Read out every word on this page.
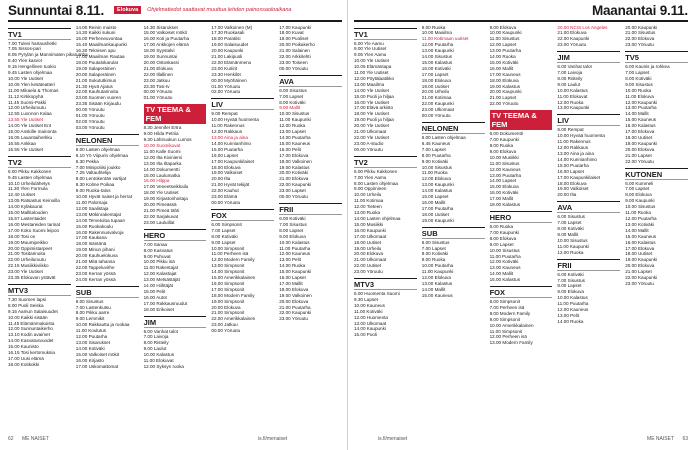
Sunnuntai 8.11.	Elokuva	Ohjelmatiedot saattavat muuttua lehden painossaoloaikana
TV1
7.00 Tulevi hartaushetki
7.05 Sissos-pari
8.05 Pyrylän ja Mannimaten pikarumba
8.40 Ylen kasvot
9.15 Hengellinen tuokio
9.45 Lasten ohjelmaa
10.00 Yle Uutiset
10.05 Ylen kesäteatteri
11.00 Mikaela & Thomas
11.12 Kirkkopyhä
11.45 Suomi-Pakki
12.00 Urheiluruutu
12.55 Luonnon Kalaa
13.55 Yle Uutiset
14.00 Yle Uutiset Ent
15.00 Anskille mainonta
16.05 Lauantaiherkku
16.55 Ankkaa
16.55 Yle Uutiset
TV2
6.00 Pikku Kakkonen
9.45 Lasten ohjelmaa
10.10 Urheilulähetys
11.30 Ylen Formula
12.40 Uutiset
13.05 Ratsastus Keinoilla
14.00 Kyläkaurat
15.00 Mallitalouden
15.57 Lastentaidet
16.00 Mestareiden tarinat
17.00 Koko Suomi leipoo
18.00 Tosi on
19.00 Muumipeikko
20.00 Oppimistarpeet
21.00 Tositarinoita
22.00 Urheiluruutu
22.15 Musiikkiviikko
23.00 Yle Uutiset
23.35 Elokuvan ystävät
MTV3
7.30 Suomen lapsi
8.00 Puoli Seiska
9.15 Aamun Salaisuudet
10.00 Kaikki sisään
11.45 Elämänmakuista
12.00 Sunnuntaikerho
13.10 Kodin avaimet
14.00 Kasvatusvuodet
15.00 Kaunisto
16.15 Tosi kertomuksia
17.00 Uusi elämä
18.00 Kotikokki
14.00 Reinin muisto
14.30 Kaikki sukuni
15.00 Perheneuvontaa
15.40 Maailmankaupunki
16.30 Teknisen apu
17.00 Maailman Rautaa
18.00 Puutalokarulat
19.00 Salaperäinen
20.00 Salaperäinen
21.00 Sukututkimus
21.30 Hyvä Ajatus
22.00 Kauhutarinoita
23.00 Suomen vuoren
23.35 Sisään Kirjaudu
00.00 Yöruutu
01.00 Yöruutu
02.00 Yöruutu
03.00 Yöruutu
NELONEN
6.00 Lasten ohjelmaa
6.10 Yö Viipurin ohjelmaa
6.30 Pekka
7.00 Minipoliisi joukko
7.25 Valtauhtelija
8.00 Lentokentän vartijat
8.30 Kolme Poikaa
9.00 Ruoka-talos
10.00 Hyvät naiset ja herrat
11.00 Palomaja
12.00 Saalistaja
13.00 Mökinrakentajat
14.00 Tervetuloa tupaan
15.00 Ruokakoulu
16.00 Rakennusvalvoja
17.00 Kaukana
18.00 Isäntänä
19.00 Minun pihani
20.00 Kauhuelokuva
21.00 Mitä tahansa
22.00 Tappeluvirhe
23.00 Kerran yössä
24.00 Kerran yössä
SUB
6.00 Sisustus
7.00 Lastenkutsu
8.00 Pikku aarre
9.00 Lemmikit
10.00 Rakkautta ja ruokaa
11.00 Koulutus
12.00 Puutarha
13.00 Sisarukset
14.00 Kotiväki
15.00 Valkoiset mökit
16.00 Kirjasto
17.00 Uskomattomat
14.30 Sisarukset
15.00 Valkoiset mökit
16.00 Koti ja Puutarha
17.00 Ankkojen elämä
18.00 Syystalvi
19.00 Sunnuntai
20.00 Ostoskassi
21.00 Elokuva
22.00 Illallinen
23.00 Jatkuu
23.30 Tosi-tv
00.00 Yöruutu
01.00 Yöruutu
TV TEEMA & FEM
8.30 Jennifer Ertra
9.00 Hilda Petriia
9.30 Lähiruukun Lumos
10.00 Suomikuvat
11.00 Kalle Suomi
12.00 Ilta Kiviniemi
13.00 Ilta Iltaparka
14.00 Dokumentti
15.00 Laulumatka
16.00 Hilppa
17.00 Veneetseikkailu
18.00 Yle Uutiset
19.00 Kirjastonhoitaja
20.00 Pimeässä
21.00 Pimeä tähti
22.00 Sarjakuvat
23.00 Lauluillat
HERO
7.00 Sanaa
8.00 Kasvatus
9.00 Puhuvat
10.00 Pikku isä
11.00 Rakentajat
12.00 Kalastajat
13.00 Metsästäjät
14.00 Hiihtäjät
15.00 Pelit
16.00 Autot
17.00 Rakkausruudut
18.00 Erikoiset
JIM
6.00 Vanhat talot
7.00 Laivoja
8.00 Risteily
9.00 Laulut
10.00 Kalastus
11.00 Elokuvat
12.00 Syksyn ruoka
17.00 Valkoinen (M)
17.30 Ruokasali
18.00 Paratiisi
19.00 Salaisuudet
20.00 Kaupunki
21.00 Lakipuoli
22.00 Elämänmeno
23.00 Kuriirit
23.30 Henkilöt
00.00 Myöhäinen
01.00 Yöruutu
02.00 Yöruutu
LIV
9.00 Rempat
10.00 Hyvää huomenta
11.00 Rakennus
12.00 Rakkaus
13.00 Aina ja aina
14.00 Kunnianhimo
15.00 Puutarha
16.00 Lapset
17.00 Kaupunkilaiset
18.00 Elokuva
19.00 Valkoiset
20.00 Ilta
21.00 Hyvät tekijät
22.00 Kauhut
23.00 Elämä
00.00 Yöruutu
FOX
6.00 Simpsonit
7.00 Lapset
8.00 Kotiväki
9.00 Lapset
10.00 Simpsonit
11.00 Perheen isä
12.00 Modern Family
13.00 Simpsonit
14.00 Simpsonit
15.00 Amerikkalainen
16.00 Simpsonit
17.00 Simpsonit
18.00 Modern Family
19.00 Simpsonit
20.00 Elokuva
21.00 Simpsonit
22.00 Amerikkalainen
23.00 Jatkuu
00.00 Yöruutu
17.00 Kaupunki
18.00 Kuvat
19.00 Puoliset
20.00 Poikakerho
21.00 Salainen
22.00 Arkkitehti
23.00 Toiseen
00.00 Yöruutu
AVA
6.00 Sisustus
7.00 Lapset
8.00 Kotiväki
9.00 Mallit
10.00 Sisustus
11.00 Kaupunki
12.00 Ruoka
13.00 Lapset
14.00 Puutarha
15.00 Kauneus
16.00 Pelit
17.00 Elokuva
18.00 Valkoinen
19.00 Kalastus
20.00 Kotiväki
21.00 Elokuva
22.00 Kaupunki
23.00 Lapset
00.00 Yöruutu
FRII
6.00 Kotiväki
7.00 Sisustus
8.00 Lapset
9.00 Elokuva
10.00 Kalastus
11.00 Puutarha
12.00 Kauneus
13.00 Pelit
14.00 Ruoka
15.00 Kaupunki
16.00 Lapset
17.00 Mallit
18.00 Elokuva
19.00 Valkoinen
20.00 Elokuva
21.00 Puutarha
22.00 Kaupunki
23.00 Yöruutu
Maanantai 9.11.
TV1
6.00 Yle Aamu
9.00 Yle Uutiset
9.05 Ylen Aamu
10.00 Yle Uutiset
10.05 Elämäntapa
11.00 Yle Uutiset
12.00 Pöytälaatikko
13.00 Maailma
14.00 Yle Uutiset
15.00 Puoli ja hiljaa
16.00 Yle Uutiset
17.00 Elävä arkisto
18.00 Yle Uutiset
19.00 Puoli ja hiljaa
20.00 Yle Uutiset
21.00 Ulkomaat
22.00 Yle Uutiset
23.00 A-studio
00.00 Yöruutu
TV2
6.00 Pikku Kakkonen
7.00 Ylen Aamu
8.00 Lasten ohjelmaa
9.00 Oppiminen
10.00 Urheilu
11.00 Kotimaa
12.00 Tieteen
13.00 Ruoka
14.00 Lasten ohjelmaa
15.00 Musiikki
16.00 Kaupunki
17.00 Ulkomaat
18.00 Uutiset
19.00 Urheilu
20.00 Elokuva
21.00 Ulkomaat
22.00 Uutiset
23.00 Yöruutu
MTV3
6.00 Huomenta Suomi
9.30 Lapset
10.00 Kauneus
11.00 Kotiväki
12.00 Huomenta
13.00 Ulkomaat
14.00 Kaupunki
15.00 Puoli
9.00 Ruoka
10.00 Maailma
11.00 Kotimaan uutiset
12.00 Puutarha
13.00 Kaupunki
14.00 Sisustus
15.00 Kalastus
16.00 Kotiväki
17.00 Lapset
18.00 Elokuva
19.00 Uutiset
20.00 Urheilu
21.00 Kotimaa
22.00 Kaupunki
23.00 Ulkomaat
00.00 Yöruutu
NELONEN
6.00 Lasten ohjelmaa
6.45 Kauneus
7.00 Lapset
8.00 Puutarha
9.00 Kotiväki
10.00 Sisustus
11.00 Ruoka
12.00 Elokuva
13.00 Kaupunki
14.00 Kalastus
15.00 Lapset
16.00 Mallit
17.00 Puutarha
18.00 Uutiset
19.00 Kaupunki
SUB
6.00 Sisustus
7.00 Lapset
8.00 Kotiväki
9.00 Ruoka
10.00 Puutarha
11.00 Kaupunki
12.00 Elokuva
13.00 Kalastus
14.00 Mallit
15.00 Kauneus
9.00 Elokuva
10.00 Kaupunki
11.00 Sisustus
12.00 Lapset
13.00 Puutarha
14.00 Ruoka
15.00 Kotiväki
16.00 Mallit
17.00 Kauneus
18.00 Elokuva
19.00 Kalastus
20.00 Kaupunki
21.00 Lapset
22.00 Yöruutu
TV TEEMA & FEM
6.00 Dokumentti
7.00 Kaupunki
8.00 Ruoka
9.00 Elokuva
10.00 Musiikki
11.00 Sisustus
12.00 Kauneus
13.00 Puutarha
14.00 Lapset
15.00 Elokuva
16.00 Kotiväki
17.00 Mallit
18.00 Kalastus
HERO
6.00 Ruoka
7.00 Kaupunki
8.00 Elokuva
9.00 Lapset
10.00 Sisustus
11.00 Puutarha
12.00 Kotiväki
13.00 Kauneus
14.00 Mallit
15.00 Kalastus
FOX
6.00 Simpsonit
7.00 Perheen isä
8.00 Modern Family
9.00 Simpsonit
10.00 Amerikkalainen
11.00 Simpsonit
12.00 Perheen isä
13.00 Modern Family
20.00 NCIS Los Angeles
21.00 Elokuva
22.00 Kaupunki
23.00 Yöruutu
JIM
6.00 Vanhat talot
7.00 Laivoja
8.00 Risteily
9.00 Laulut
10.00 Kalastus
11.00 Elokuvat
12.00 Ruoka
13.00 Kaupunki
LIV
9.00 Rempat
10.00 Hyvää huomenta
11.00 Rakennus
12.00 Rakkaus
13.00 Aina ja aina
14.00 Kunnianhimo
15.00 Puutarha
16.00 Lapset
17.00 Kaupunkilaiset
18.00 Elokuva
19.00 Valkoiset
20.00 Ilta
AVA
6.00 Sisustus
7.00 Lapset
8.00 Kotiväki
9.00 Mallit
10.00 Sisustus
11.00 Kaupunki
12.00 Ruoka
FRII
6.00 Kotiväki
7.00 Sisustus
8.00 Lapset
9.00 Elokuva
10.00 Kalastus
11.00 Puutarha
12.00 Kauneus
13.00 Pelit
14.00 Ruoka
20.00 Kaupunki
21.00 Sisustus
22.00 Elokuva
23.00 Yöruutu
TV5
6.00 Kaunis ja rohkea
7.00 Lapset
8.00 Kotiväki
9.00 Sisustus
10.00 Ruoka
11.00 Elokuva
12.00 Kaupunki
13.00 Puutarha
14.00 Mallit
15.00 Kauneus
16.00 Kalastus
17.00 Elokuva
18.00 Uutiset
19.00 Kaupunki
20.00 Elokuva
21.00 Lapset
22.00 Yöruutu
KUTONEN
6.00 Kummeli
7.00 Lapset
8.00 Elokuva
9.00 Kaupunki
10.00 Sisustus
11.00 Ruoka
12.00 Puutarha
13.00 Kotiväki
14.00 Mallit
15.00 Kauneus
16.00 Kalastus
17.00 Elokuva
18.00 Uutiset
19.00 Kaupunki
20.00 Elokuva
21.00 Lapset
22.00 Kaupunki
23.00 Yöruutu
62 ME NAISET	is.fi/menaiset	is.fi/menaiset	ME NAISET 63
